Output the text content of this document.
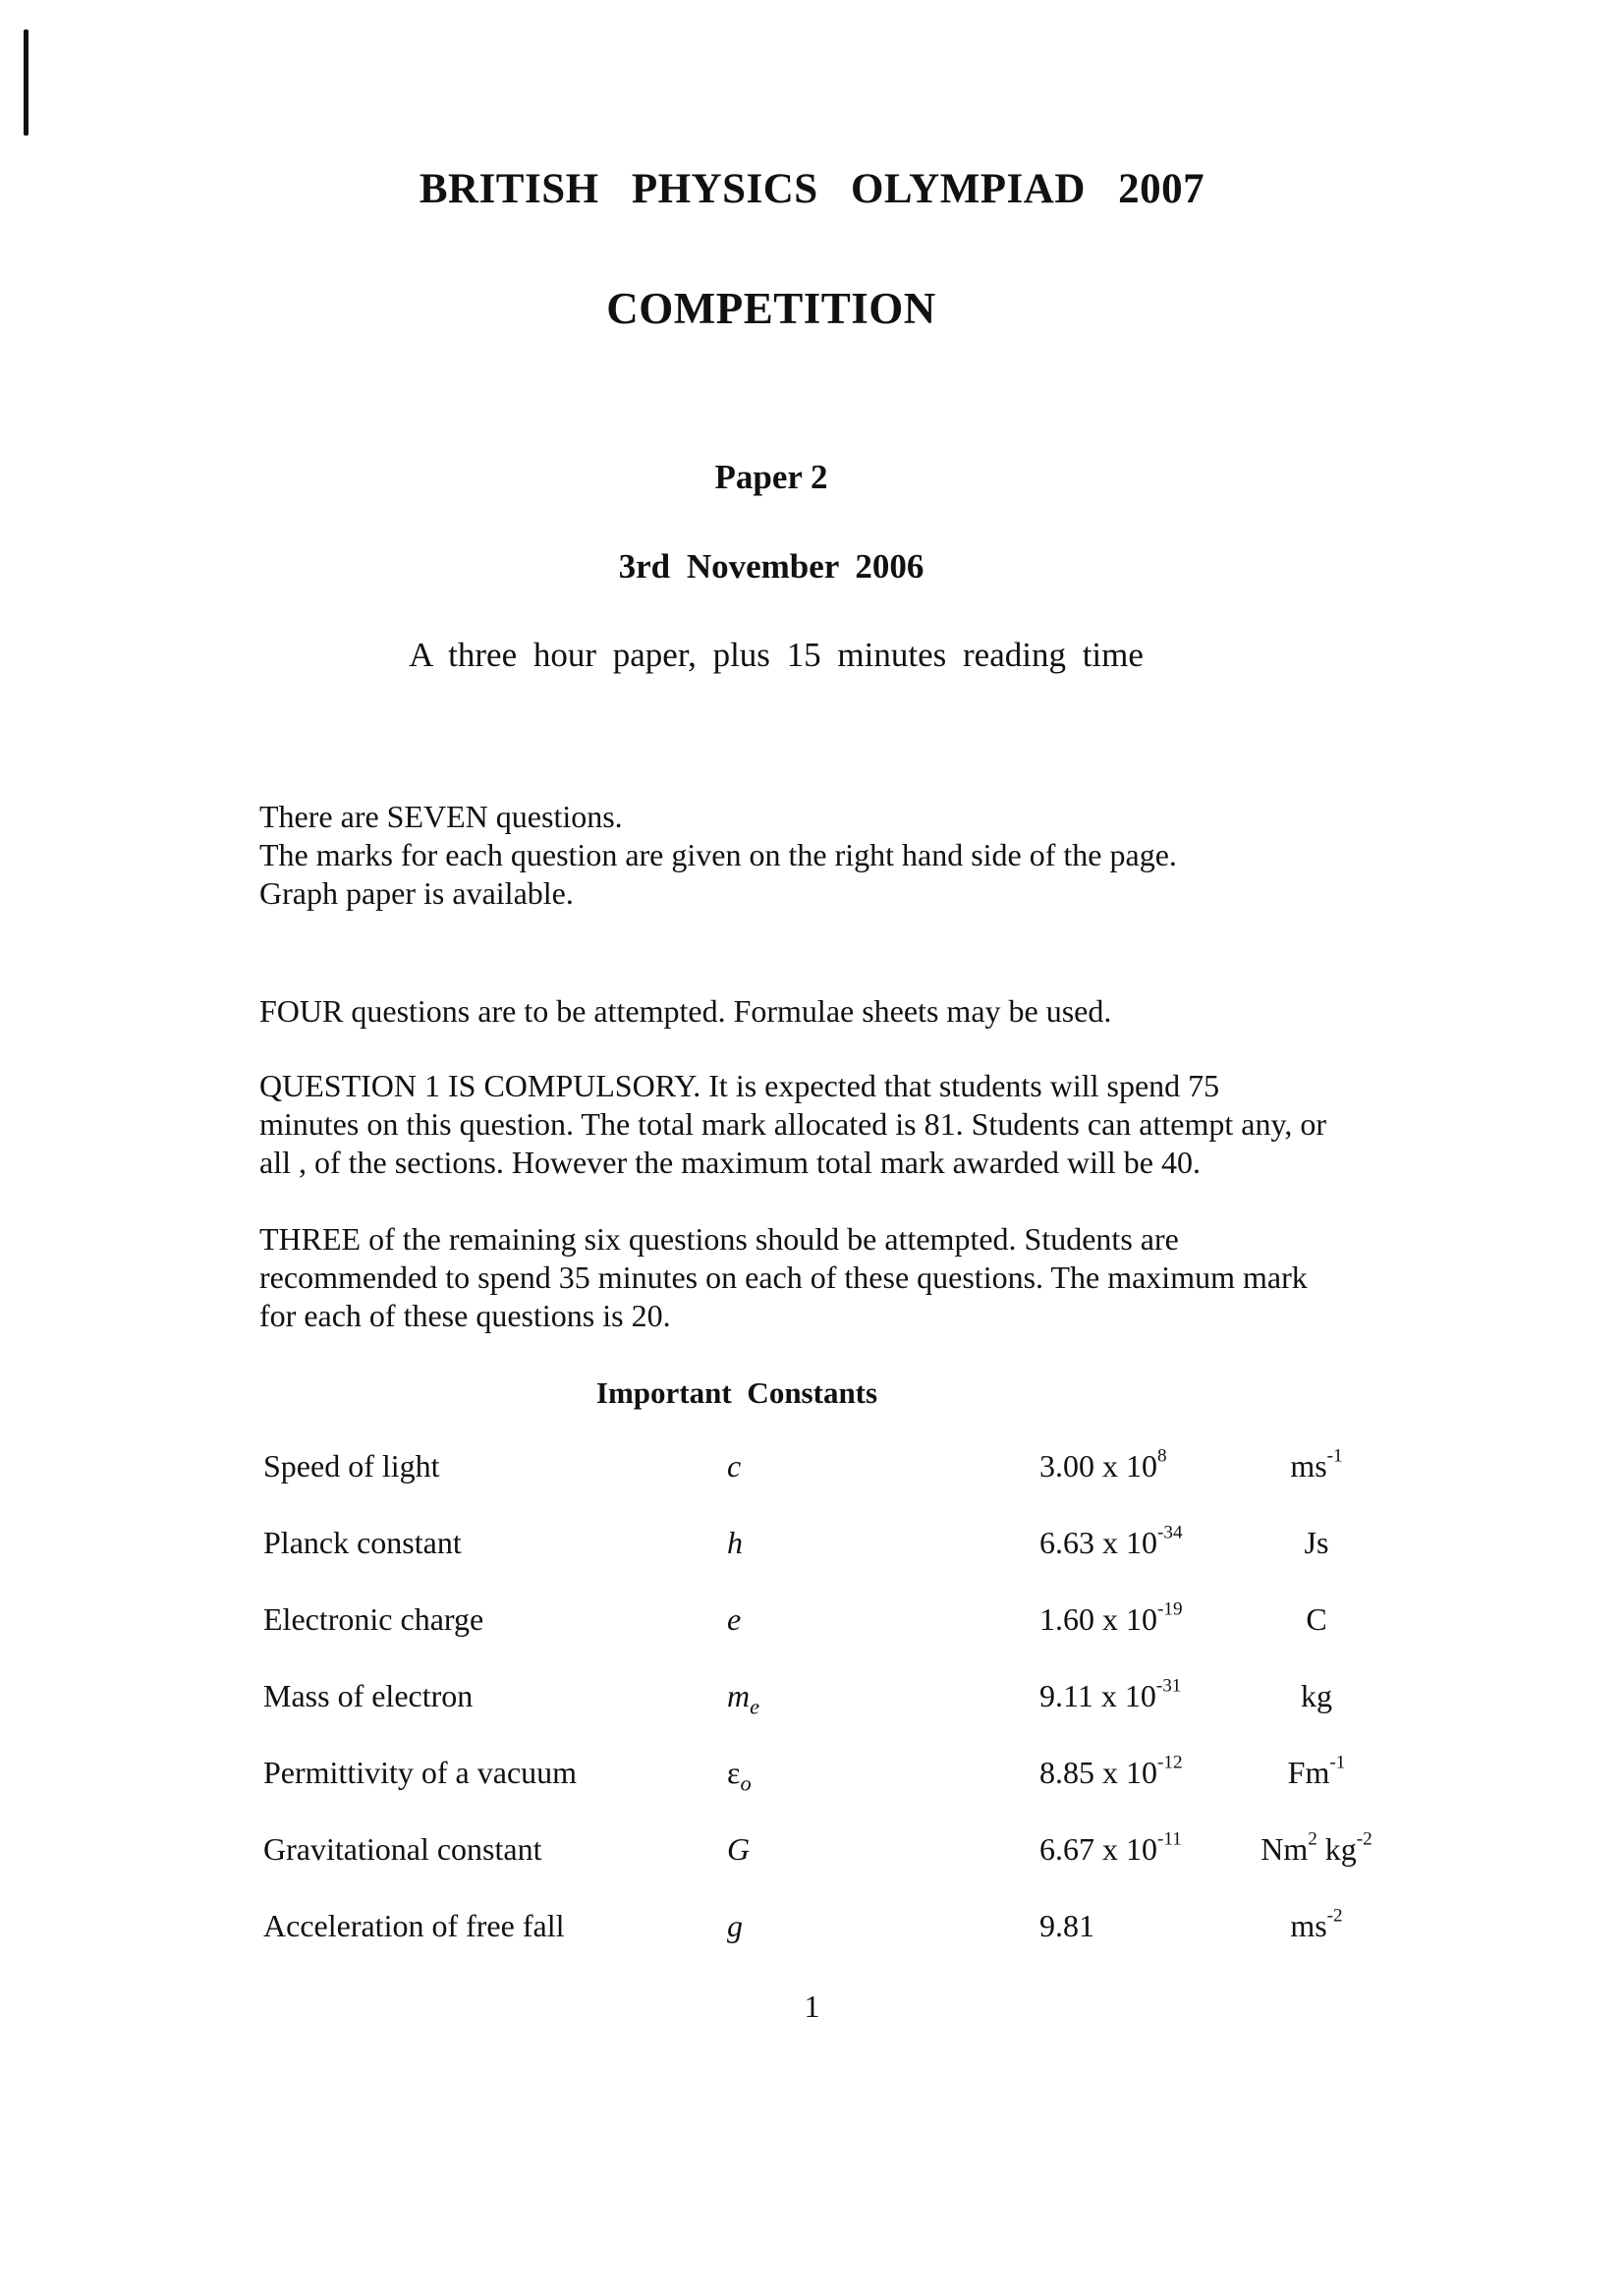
BRITISH PHYSICS OLYMPIAD 2007
COMPETITION
Paper 2
3rd November 2006
A three hour paper, plus 15 minutes reading time
There are SEVEN questions.
The marks for each question are given on the right hand side of the page.
Graph paper is available.
FOUR questions are to be attempted. Formulae sheets may be used.
QUESTION 1 IS COMPULSORY. It is expected that students will spend 75
minutes on this question. The total mark allocated is 81. Students can attempt any, or
all , of the sections. However the maximum total mark awarded will be 40.
THREE of the remaining six questions should be attempted. Students are
recommended to spend 35 minutes on each of these questions. The maximum mark
for each of these questions is 20.
Important Constants
Speed of light	c	3.00 x $10^8$	$ms^{-1}$
Planck constant	h	6.63 x $10^{-34}$	Js
Electronic charge	e	1.60 x $10^{-19}$	C
Mass of electron	$m_e$	9.11 x $10^{-31}$	kg
Permittivity of a vacuum	$\varepsilon_o$	8.85 x $10^{-12}$	$Fm^{-1}$
Gravitational constant	G	6.67 x $10^{-11}$	Nm$^2$ $kg^{-2}$
Acceleration of free fall	g	9.81	$ms^{-2}$
1
